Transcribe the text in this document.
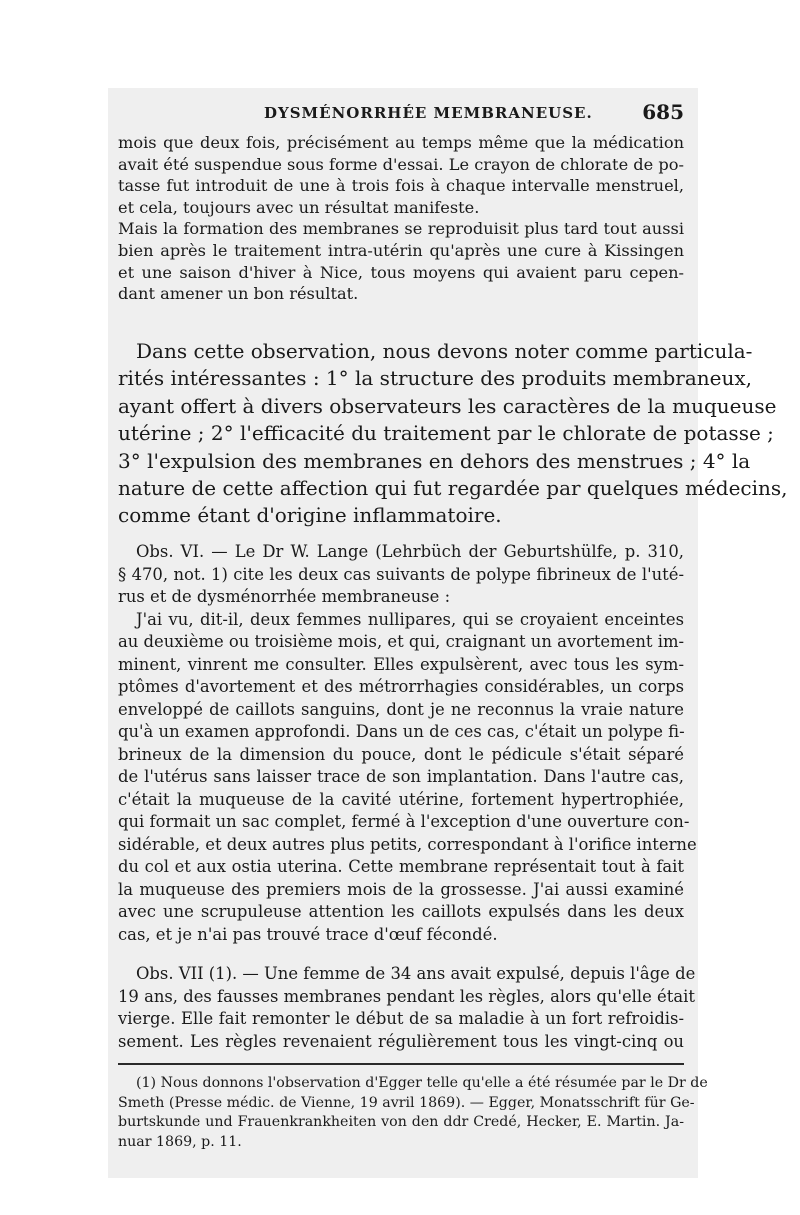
DYSMÉNORRHÉE MEMBRANEUSE. 685
mois que deux fois, précisément au temps même que la médication
avait été suspendue sous forme d'essai. Le crayon de chlorate de po-
tasse fut introduit de une à trois fois à chaque intervalle menstruel,
et cela, toujours avec un résultat manifeste.
Mais la formation des membranes se reproduisit plus tard tout aussi
bien après le traitement intra-utérin qu'après une cure à Kissingen
et une saison d'hiver à Nice, tous moyens qui avaient paru cepen-
dant amener un bon résultat.
Dans cette observation, nous devons noter comme particula-
rités intéressantes : 1° la structure des produits membraneux,
ayant offert à divers observateurs les caractères de la muqueuse
utérine ; 2° l'efficacité du traitement par le chlorate de potasse ;
3° l'expulsion des membranes en dehors des menstrues ; 4° la
nature de cette affection qui fut regardée par quelques médecins,
comme étant d'origine inflammatoire.
Obs. VI. — Le Dr W. Lange (Lehrbüch der Geburtshülfe, p. 310,
§ 470, not. 1) cite les deux cas suivants de polype fibrineux de l'uté-
rus et de dysménorrhée membraneuse :
J'ai vu, dit-il, deux femmes nullipares, qui se croyaient enceintes
au deuxième ou troisième mois, et qui, craignant un avortement im-
minent, vinrent me consulter. Elles expulsèrent, avec tous les sym-
ptômes d'avortement et des métrorrhagies considérables, un corps
enveloppé de caillots sanguins, dont je ne reconnus la vraie nature
qu'à un examen approfondi. Dans un de ces cas, c'était un polype fi-
brineux de la dimension du pouce, dont le pédicule s'était séparé
de l'utérus sans laisser trace de son implantation. Dans l'autre cas,
c'était la muqueuse de la cavité utérine, fortement hypertrophiée,
qui formait un sac complet, fermé à l'exception d'une ouverture con-
sidérable, et deux autres plus petits, correspondant à l'orifice interne
du col et aux ostia uterina. Cette membrane représentait tout à fait
la muqueuse des premiers mois de la grossesse. J'ai aussi examiné
avec une scrupuleuse attention les caillots expulsés dans les deux
cas, et je n'ai pas trouvé trace d'œuf fécondé.
Obs. VII (1). — Une femme de 34 ans avait expulsé, depuis l'âge de
19 ans, des fausses membranes pendant les règles, alors qu'elle était
vierge. Elle fait remonter le début de sa maladie à un fort refroidis-
sement. Les règles revenaient régulièrement tous les vingt-cinq ou
(1) Nous donnons l'observation d'Egger telle qu'elle a été résumée par le Dr de
Smeth (Presse médic. de Vienne, 19 avril 1869). — Egger, Monatsschrift für Ge-
burtskunde und Frauenkrankheiten von den ddr Credé, Hecker, E. Martin. Ja-
nuar 1869, p. 11.
